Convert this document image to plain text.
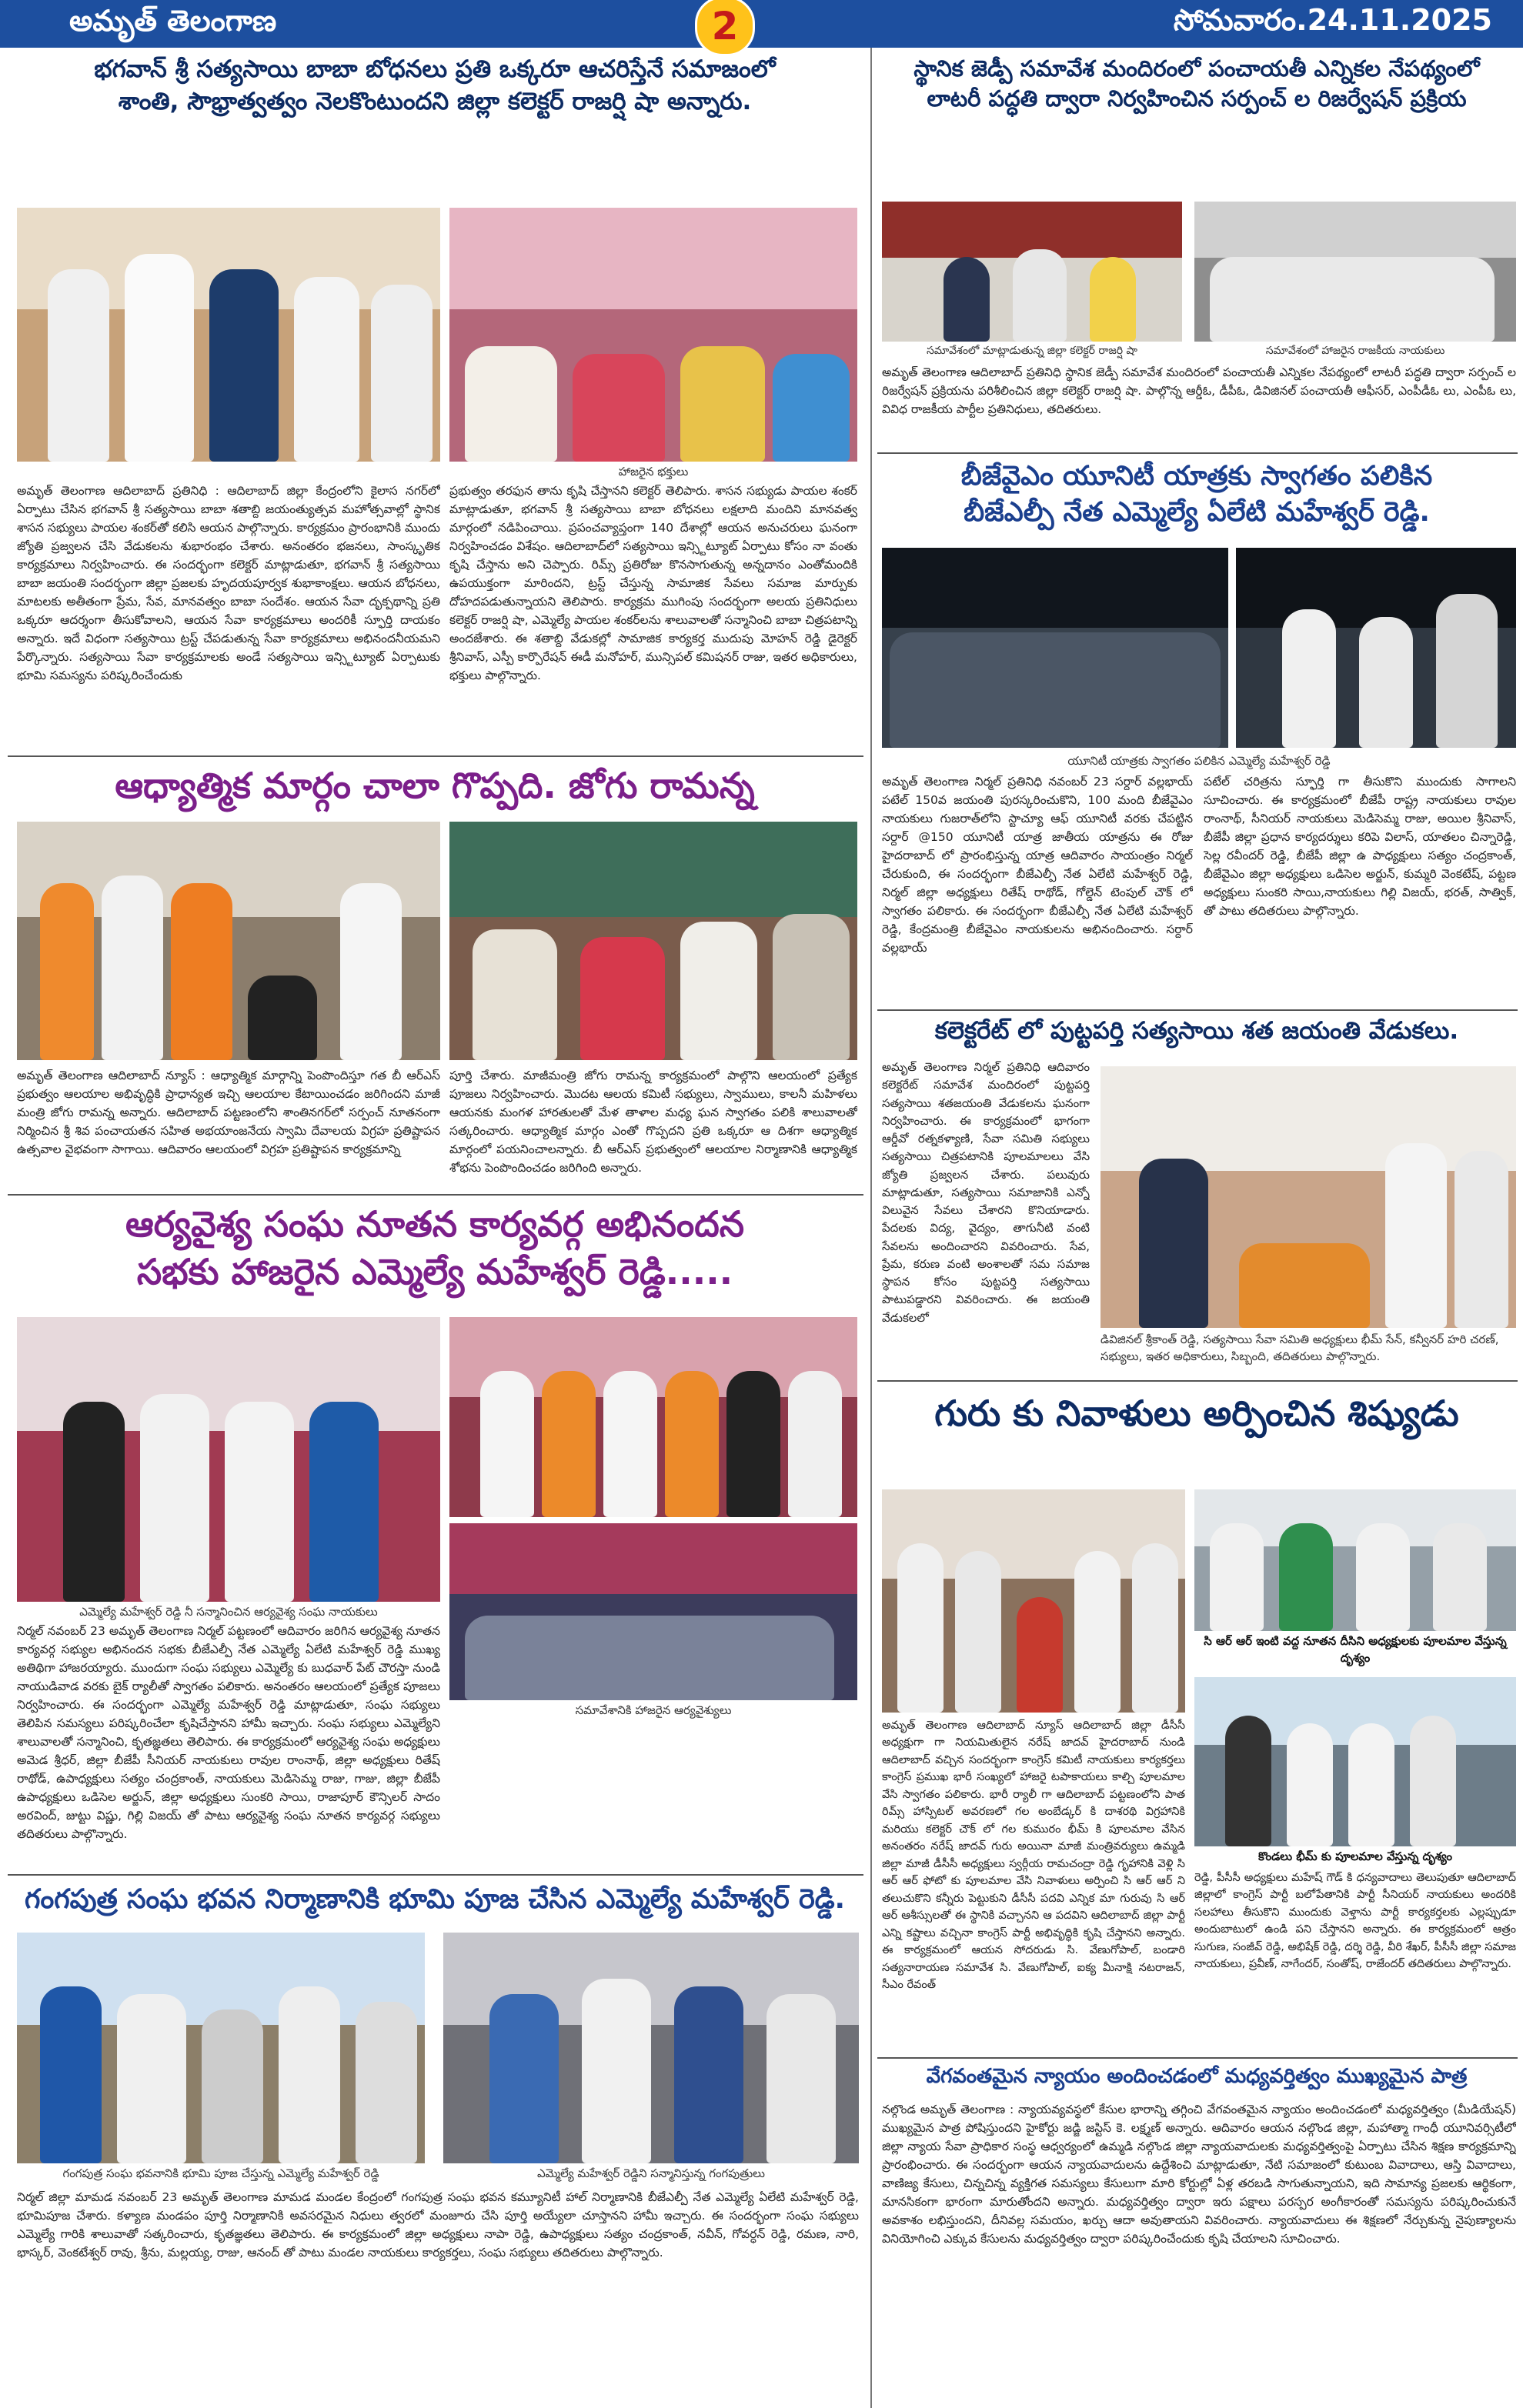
అమృత్ తెలంగాణ	2	సోమవారం.24.11.2025
భగవాన్ శ్రీ సత్యసాయి బాబా బోధనలు ప్రతి ఒక్కరూ ఆచరిస్తేనే సమాజంలో
శాంతి, సౌభ్రాత్వత్వం నెలకొంటుందని జిల్లా కలెక్టర్ రాజర్షి షా అన్నారు.
హాజరైన భక్తులు
అమృత్ తెలంగాణ ఆదిలాబాద్ ప్రతినిధి : ఆదిలాబాద్ జిల్లా కేంద్రంలోని కైలాస నగర్‌లో ఏర్పాటు చేసిన భగవాన్ శ్రీ సత్యసాయి బాబా శతాబ్ది జయంత్యుత్సవ మహోత్సవాల్లో స్థానిక శాసన సభ్యులు పాయల శంకర్‌తో కలిసి ఆయన పాల్గొన్నారు. కార్యక్రమం ప్రారంభానికి ముందు జ్యోతి ప్రజ్వలన చేసి వేడుకలను శుభారంభం చేశారు. అనంతరం భజనలు, సాంస్కృతిక కార్యక్రమాలు నిర్వహించారు. ఈ సందర్భంగా కలెక్టర్ మాట్లాడుతూ, భగవాన్ శ్రీ సత్యసాయి బాబా జయంతి సందర్భంగా జిల్లా ప్రజలకు హృదయపూర్వక శుభాకాంక్షలు. ఆయన బోధనలు, మాటలకు అతీతంగా ప్రేమ, సేవ, మానవత్వం బాబా సందేశం. ఆయన సేవా దృక్పథాన్ని ప్రతి ఒక్కరూ ఆదర్శంగా తీసుకోవాలని, ఆయన సేవా కార్యక్రమాలు అందరికీ స్ఫూర్తి దాయకం అన్నారు. ఇదే విధంగా సత్యసాయి ట్రస్ట్ చేపడుతున్న సేవా కార్యక్రమాలు అభినందనీయమని పేర్కొన్నారు. సత్యసాయి సేవా కార్యక్రమాలకు అండే సత్యసాయి ఇన్స్టిట్యూట్ ఏర్పాటుకు భూమి సమస్యను పరిష్కరించేందుకు
ప్రభుత్వం తరఫున తాను కృషి చేస్తానని కలెక్టర్ తెలిపారు. శాసన సభ్యుడు పాయల శంకర్ మాట్లాడుతూ, భగవాన్ శ్రీ సత్యసాయి బాబా బోధనలు లక్షలాది మందిని మానవత్వ మార్గంలో నడిపించాయి. ప్రపంచవ్యాప్తంగా 140 దేశాల్లో ఆయన అనుచరులు ఘనంగా నిర్వహించడం విశేషం. ఆదిలాబాద్‌లో సత్యసాయి ఇన్స్టిట్యూట్ ఏర్పాటు కోసం నా వంతు కృషి చేస్తాను అని చెప్పారు. రిమ్స్ ప్రతిరోజు కొనసాగుతున్న అన్నదానం ఎంతోమందికి ఉపయుక్తంగా మారిందని, ట్రస్ట్ చేస్తున్న సామాజిక సేవలు సమాజ మార్పుకు దోహదపడుతున్నాయని తెలిపారు. కార్యక్రమ ముగింపు సందర్భంగా అలయ ప్రతినిధులు కలెక్టర్ రాజర్షి షా, ఎమ్మెల్యే పాయల శంకర్‌లను శాలువాలతో సన్మానించి బాబా చిత్రపటాన్ని అందజేశారు. ఈ శతాబ్ది వేడుకల్లో సామాజిక కార్యకర్త ముదుపు మోహన్ రెడ్డి డైరెక్టర్ శ్రీనివాస్, ఎస్పీ కార్పొరేషన్ ఈడీ మనోహర్, మున్సిపల్ కమిషనర్ రాజు, ఇతర అధికారులు, భక్తులు పాల్గొన్నారు.
ఆధ్యాత్మిక మార్గం చాలా గొప్పది. జోగు రామన్న
అమృత్ తెలంగాణ ఆదిలాబాద్ న్యూస్ : ఆధ్యాత్మిక మార్గాన్ని పెంపొందిస్తూ గత బీ ఆర్ఎస్ ప్రభుత్వం ఆలయాల అభివృద్ధికి ప్రాధాన్యత ఇచ్చి ఆలయాల కేటాయించడం జరిగిందని మాజీ మంత్రి జోగు రామన్న అన్నారు. ఆదిలాబాద్ పట్టణంలోని శాంతినగర్‌లో సర్పంచ్ నూతనంగా నిర్మించిన శ్రీ శివ పంచాయతన సహిత అభయాంజనేయ స్వామి దేవాలయ విగ్రహ ప్రతిష్టాపన ఉత్సవాల వైభవంగా సాగాయి. ఆదివారం ఆలయంలో విగ్రహ ప్రతిష్టాపన కార్యక్రమాన్ని
పూర్తి చేశారు. మాజీమంత్రి జోగు రామన్న కార్యక్రమంలో పాల్గొని ఆలయంలో ప్రత్యేక పూజలు నిర్వహించారు. మొదట ఆలయ కమిటీ సభ్యులు, స్వాములు, కాలనీ మహిళలు ఆయనకు మంగళ హారతులతో మేళ తాళాల మధ్య ఘన స్వాగతం పలికి శాలువాలతో సత్కరించారు. ఆధ్యాత్మిక మార్గం ఎంతో గొప్పదని ప్రతి ఒక్కరూ ఆ దిశగా ఆధ్యాత్మిక మార్గంలో పయనించాలన్నారు. బీ ఆర్ఎస్ ప్రభుత్వంలో ఆలయాల నిర్మాణానికి ఆధ్యాత్మిక శోభను పెంపొందించడం జరిగింది అన్నారు.
ఆర్యవైశ్య సంఘ నూతన కార్యవర్గ అభినందన
సభకు హాజరైన ఎమ్మెల్యే మహేశ్వర్ రెడ్డి.....
ఎమ్మెల్యే మహేశ్వర్ రెడ్డి నీ సన్మానించిన ఆర్యవైశ్య సంఘ నాయకులు
సమావేశానికి హాజరైన ఆర్యవైశ్యులు
నిర్మల్ నవంబర్ 23 అమృత్ తెలంగాణ నిర్మల్ పట్టణంలో ఆదివారం జరిగిన ఆర్యవైశ్య నూతన కార్యవర్గ సభ్యుల అభినందన సభకు బీజేఎల్పీ నేత ఎమ్మెల్యే ఏలేటి మహేశ్వర్ రెడ్డి ముఖ్య అతిథిగా హాజరయ్యారు. ముందుగా సంఘ సభ్యులు ఎమ్మెల్యే కు బుధవార్ పేట్ చౌరస్తా నుండి నాయుడివాడ వరకు బైక్ ర్యాలీతో స్వాగతం పలికారు. అనంతరం ఆలయంలో ప్రత్యేక పూజలు నిర్వహించారు. ఈ సందర్భంగా ఎమ్మెల్యే మహేశ్వర్ రెడ్డి మాట్లాడుతూ, సంఘ సభ్యులు తెలిపిన సమస్యలు పరిష్కరించేలా కృషిచేస్తానని హామీ ఇచ్చారు. సంఘ సభ్యులు ఎమ్మెల్యేని శాలువాలతో సన్మానించి, కృతజ్ఞతలు తెలిపారు. ఈ కార్యక్రమంలో ఆర్యవైశ్య సంఘ అధ్యక్షులు అమెడ శ్రీధర్, జిల్లా బీజేపీ సీనియర్ నాయకులు రావుల రాంనాథ్, జిల్లా అధ్యక్షులు రితేష్ రాథోడ్, ఉపాధ్యక్షులు సత్యం చంద్రకాంత్, నాయకులు మెడిసెమ్మ రాజు, గాజు, జిల్లా బీజేపీ ఉపాధ్యక్షులు ఒడిసెల అర్జున్, జిల్లా అధ్యక్షులు సుంకరి సాయి, రాజాపూర్ కౌన్సిలర్ సాదం అరవింద్, జుట్టు విష్ణు, గిల్లి విజయ్ తో పాటు ఆర్యవైశ్య సంఘ నూతన కార్యవర్గ సభ్యులు తదితరులు పాల్గొన్నారు.
గంగపుత్ర సంఘ భవన నిర్మాణానికి భూమి పూజ చేసిన ఎమ్మెల్యే మహేశ్వర్ రెడ్డి.
గంగపుత్ర సంఘ భవనానికి భూమి పూజ చేస్తున్న ఎమ్మెల్యే మహేశ్వర్ రెడ్డి	ఎమ్మెల్యే మహేశ్వర్ రెడ్డిని సన్మానిస్తున్న గంగపుత్రులు
నిర్మల్ జిల్లా మామడ నవంబర్ 23 అమృత్ తెలంగాణ మామడ మండల కేంద్రంలో గంగపుత్ర సంఘ భవన కమ్యూనిటీ హాల్ నిర్మాణానికి బీజేఎల్పీ నేత ఎమ్మెల్యే ఏలేటి మహేశ్వర్ రెడ్డి, భూమిపూజ చేశారు. కళ్యాణ మండపం పూర్తి నిర్మాణానికి అవసరమైన నిధులు త్వరలో మంజూరు చేసి పూర్తి అయ్యేలా చూస్తానని హామీ ఇచ్చారు. ఈ సందర్భంగా సంఘ సభ్యులు ఎమ్మెల్యే గారికి శాలువాతో సత్కరించారు, కృతజ్ఞతలు తెలిపారు. ఈ కార్యక్రమంలో జిల్లా అధ్యక్షులు నాపా రెడ్డి, ఉపాధ్యక్షులు సత్యం చంద్రకాంత్, నవీన్, గోవర్ధన్ రెడ్డి, రమణ, నారి, భాస్కర్, వెంకటేశ్వర్ రావు, శ్రీను, మల్లయ్య, రాజు, ఆనంద్ తో పాటు మండల నాయకులు కార్యకర్తలు, సంఘ సభ్యులు తదితరులు పాల్గొన్నారు.
స్థానిక జెడ్పీ సమావేశ మందిరంలో పంచాయతీ ఎన్నికల నేపథ్యంలో
లాటరీ పద్ధతి ద్వారా నిర్వహించిన సర్పంచ్ ల రిజర్వేషన్ ప్రక్రియ
సమావేశంలో మాట్లాడుతున్న జిల్లా కలెక్టర్ రాజర్షి షా	సమావేశంలో హాజరైన రాజకీయ నాయకులు
అమృత్ తెలంగాణ ఆదిలాబాద్ ప్రతినిధి స్థానిక జెడ్పీ సమావేశ మందిరంలో పంచాయతీ ఎన్నికల నేపథ్యంలో లాటరీ పద్ధతి ద్వారా సర్పంచ్ ల రిజర్వేషన్ ప్రక్రియను పరిశీలించిన జిల్లా కలెక్టర్ రాజర్షి షా. పాల్గొన్న ఆర్డీఓ, డీపీఓ, డివిజినల్ పంచాయతీ ఆఫీసర్, ఎంపీడీఓ లు, ఎంపీఓ లు, వివిధ రాజకీయ పార్టీల ప్రతినిధులు, తదితరులు.
బీజేవైఎం యూనిటీ యాత్రకు స్వాగతం పలికిన
బీజేఎల్పీ నేత ఎమ్మెల్యే ఏలేటి మహేశ్వర్ రెడ్డి.
యూనిటీ యాత్రకు స్వాగతం పలికిన ఎమ్మెల్యే మహేశ్వర్ రెడ్డి
అమృత్ తెలంగాణ నిర్మల్ ప్రతినిధి నవంబర్ 23 సర్దార్ వల్లభాయ్ పటేల్ 150వ జయంతి పురస్కరించుకొని, 100 మంది బీజేవైఎం నాయకులు గుజరాత్‌లోని స్టాచ్యూ ఆఫ్ యూనిటీ వరకు చేపట్టిన సర్దార్ @150 యూనిటీ యాత్ర జాతీయ యాత్రను ఈ రోజు హైదరాబాద్ లో ప్రారంభిస్తున్న యాత్ర ఆదివారం సాయంత్రం నిర్మల్ చేరుకుంది, ఈ సందర్భంగా బీజేఎల్పీ నేత ఏలేటి మహేశ్వర్ రెడ్డి, నిర్మల్ జిల్లా అధ్యక్షులు రితేష్ రాథోడ్, గోల్డెన్ టెంపుల్ చౌక్ లో స్వాగతం పలికారు. ఈ సందర్భంగా బీజేఎల్పీ నేత ఏలేటి మహేశ్వర్ రెడ్డి, కేంద్రమంత్రి బీజేవైఎం నాయకులను అభినందించారు. సర్దార్ వల్లభాయ్
పటేల్ చరిత్రను స్ఫూర్తి గా తీసుకొని ముందుకు సాగాలని సూచించారు. ఈ కార్యక్రమంలో బీజేపీ రాష్ట్ర నాయకులు రావుల రాంనాథ్, సీనియర్ నాయకులు మెడిసెమ్మ రాజు, అయిల శ్రీనివాస్, బీజేపీ జిల్లా ప్రధాన కార్యదర్శులు కరిపె విలాస్, యాతలం చిన్నారెడ్డి, సెల్ల రవీందర్ రెడ్డి, బీజేపీ జిల్లా ఉ పాధ్యక్షులు సత్యం చంద్రకాంత్, బీజేవైఎం జిల్లా అధ్యక్షులు ఒడిసెల అర్జున్, కుమ్మరి వెంకటేష్, పట్టణ అధ్యక్షులు సుంకరి సాయి,నాయకులు గిల్లి విజయ్, భరత్, సాత్విక్, తో పాటు తదితరులు పాల్గొన్నారు.
కలెక్టరేట్ లో పుట్టపర్తి సత్యసాయి శత జయంతి వేడుకలు.
అమృత్ తెలంగాణ నిర్మల్ ప్రతినిధి ఆదివారం కలెక్టరేట్ సమావేశ మందిరంలో పుట్టపర్తి సత్యసాయి శతజయంతి వేడుకలను ఘనంగా నిర్వహించారు. ఈ కార్యక్రమంలో భాగంగా ఆర్డీవో రత్నకళ్యాణి, సేవా సమితి సభ్యులు సత్యసాయి చిత్రపటానికి పూలమాలలు వేసి జ్యోతి ప్రజ్వలన చేశారు. పలువురు మాట్లాడుతూ, సత్యసాయి సమాజానికి ఎన్నో విలువైన సేవలు చేశారని కొనియాడారు. పేదలకు విద్య, వైద్యం, తాగునీటి వంటి సేవలను అందించారని వివరించారు. సేవ, ప్రేమ, కరుణ వంటి అంశాలతో సమ సమాజ స్థాపన కోసం పుట్టపర్తి సత్యసాయి పాటుపడ్డారని వివరించారు. ఈ జయంతి వేడుకలలో
డివిజినల్ శ్రీకాంత్ రెడ్డి, సత్యసాయి సేవా సమితి అధ్యక్షులు భీమ్ సేన్, కన్వీనర్ హరి చరణ్, సభ్యులు, ఇతర అధికారులు, సిబ్బంది, తదితరులు పాల్గొన్నారు.
గురు కు నివాళులు అర్పించిన శిష్యుడు
సి ఆర్ ఆర్ ఇంటి వద్ద నూతన దీసిని అధ్యక్షులకు పూలమాల వేస్తున్న దృశ్యం
కొండలు భీమ్ కు పూలమాల వేస్తున్న దృశ్యం
అమృత్ తెలంగాణ ఆదిలాబాద్ న్యూస్ ఆదిలాబాద్ జిల్లా డీసీసీ అధ్యక్షుగా గా నియమితులైన నరేష్ జాదవ్ హైదరాబాద్ నుండి ఆదిలాబాద్ వచ్చిన సందర్భంగా కాంగ్రెస్ కమిటీ నాయకులు కార్యకర్తలు కాంగ్రెస్ ప్రముఖ భారీ సంఖ్యలో హాజరై టపాకాయలు కాల్చి పూలమాల వేసి స్వాగతం పలికారు. భారీ ర్యాలీ గా ఆదిలాబాద్ పట్టణంలోని పాత రిమ్స్ హాస్పిటల్ అవరణలో గల అంబేడ్కర్ కి దాశరథి విగ్రహానికి మరియు కలెక్టర్ చౌక్ లో గల కుమురం భీమ్ కి పూలమాల వేసిన అనంతరం నరేష్ జాదవ్ గురు అయినా మాజీ మంత్రివర్యులు ఉమ్మడి జిల్లా మాజీ డీసీసీ అధ్యక్షులు స్వర్గీయ రామచంద్రా రెడ్డి గృహానికి వెళ్లి సి ఆర్ ఆర్ ఫోటో కు పూలమాల వేసి నివాళులు అర్పించి సి ఆర్ ఆర్ ని తలుచుకొని కన్నీరు పెట్టుకుని డీసీసీ పదవి ఎన్నిక మా గురువు సి ఆర్ ఆర్ ఆశీస్సులతో ఈ స్థానికి వచ్చానని ఆ పదవిని ఆదిలాబాద్ జిల్లా పార్టీ ఎన్ని కష్టాలు వచ్చినా కాంగ్రెస్ పార్టీ అభివృద్ధికి కృషి చేస్తానని అన్నారు. ఈ కార్యక్రమంలో ఆయన సోదరుడు సి. వేణుగోపాల్, బండారి సత్యనారాయణ సమావేశ సి. వేణుగోపాల్, ఐక్య మీనాక్షి నటరాజన్, సీఎం రేవంత్
రెడ్డి, పీసీసీ అధ్యక్షులు మహేష్ గౌడ్ కి ధన్యవాదాలు తెలుపుతూ ఆదిలాబాద్ జిల్లాలో కాంగ్రెస్ పార్టీ బలోపేతానికి పార్టీ సీనియర్ నాయకులు అందరికి సలహాలు తీసుకొని ముందుకు వెళ్తాను పార్టీ కార్యకర్తలకు ఎల్లప్పుడూ అందుబాటులో ఉండి పని చేస్తానని అన్నారు. ఈ కార్యక్రమంలో ఆత్రం సుగుణ, సంజీవ్ రెడ్డి, అభిషేక్ రెడ్డి, దర్శి రెడ్డి, వీరి శేఖర్, పీసీసీ జిల్లా సమాజ నాయకులు, ప్రవీణ్, నాగేందర్, సంతోష్, రాజేందర్ తదితరులు పాల్గొన్నారు.
వేగవంతమైన న్యాయం అందించడంలో మధ్యవర్తిత్వం ముఖ్యమైన పాత్ర
నల్గొండ అమృత్ తెలంగాణ : న్యాయవ్యవస్థలో కేసుల భారాన్ని తగ్గించి వేగవంతమైన న్యాయం అందించడంలో మధ్యవర్తిత్వం (మీడియేషన్) ముఖ్యమైన పాత్ర పోషిస్తుందని హైకోర్టు జడ్జి జస్టిస్ కె. లక్ష్మణ్ అన్నారు. ఆదివారం ఆయన నల్గొండ జిల్లా, మహాత్మా గాంధీ యూనివర్సిటీలో జిల్లా న్యాయ సేవా ప్రాధికార సంస్థ ఆధ్వర్యంలో ఉమ్మడి నల్గొండ జిల్లా న్యాయవాదులకు మధ్యవర్తిత్వంపై ఏర్పాటు చేసిన శిక్షణ కార్యక్రమాన్ని ప్రారంభించారు. ఈ సందర్భంగా ఆయన న్యాయవాదులను ఉద్దేశించి మాట్లాడుతూ, నేటి సమాజంలో కుటుంబ వివాదాలు, ఆస్తి వివాదాలు, వాణిజ్య కేసులు, చిన్నచిన్న వ్యక్తిగత సమస్యలు కేసులుగా మారి కోర్టుల్లో ఏళ్ల తరబడి సాగుతున్నాయని, ఇది సామాన్య ప్రజలకు ఆర్థికంగా, మానసికంగా భారంగా మారుతోందని అన్నారు. మధ్యవర్తిత్వం ద్వారా ఇరు పక్షాలు పరస్పర అంగీకారంతో సమస్యను పరిష్కరించుకునే అవకాశం లభిస్తుందని, దీనివల్ల సమయం, ఖర్చు ఆదా అవుతాయని వివరించారు. న్యాయవాదులు ఈ శిక్షణలో నేర్చుకున్న నైపుణ్యాలను వినియోగించి ఎక్కువ కేసులను మధ్యవర్తిత్వం ద్వారా పరిష్కరించేందుకు కృషి చేయాలని సూచించారు.
